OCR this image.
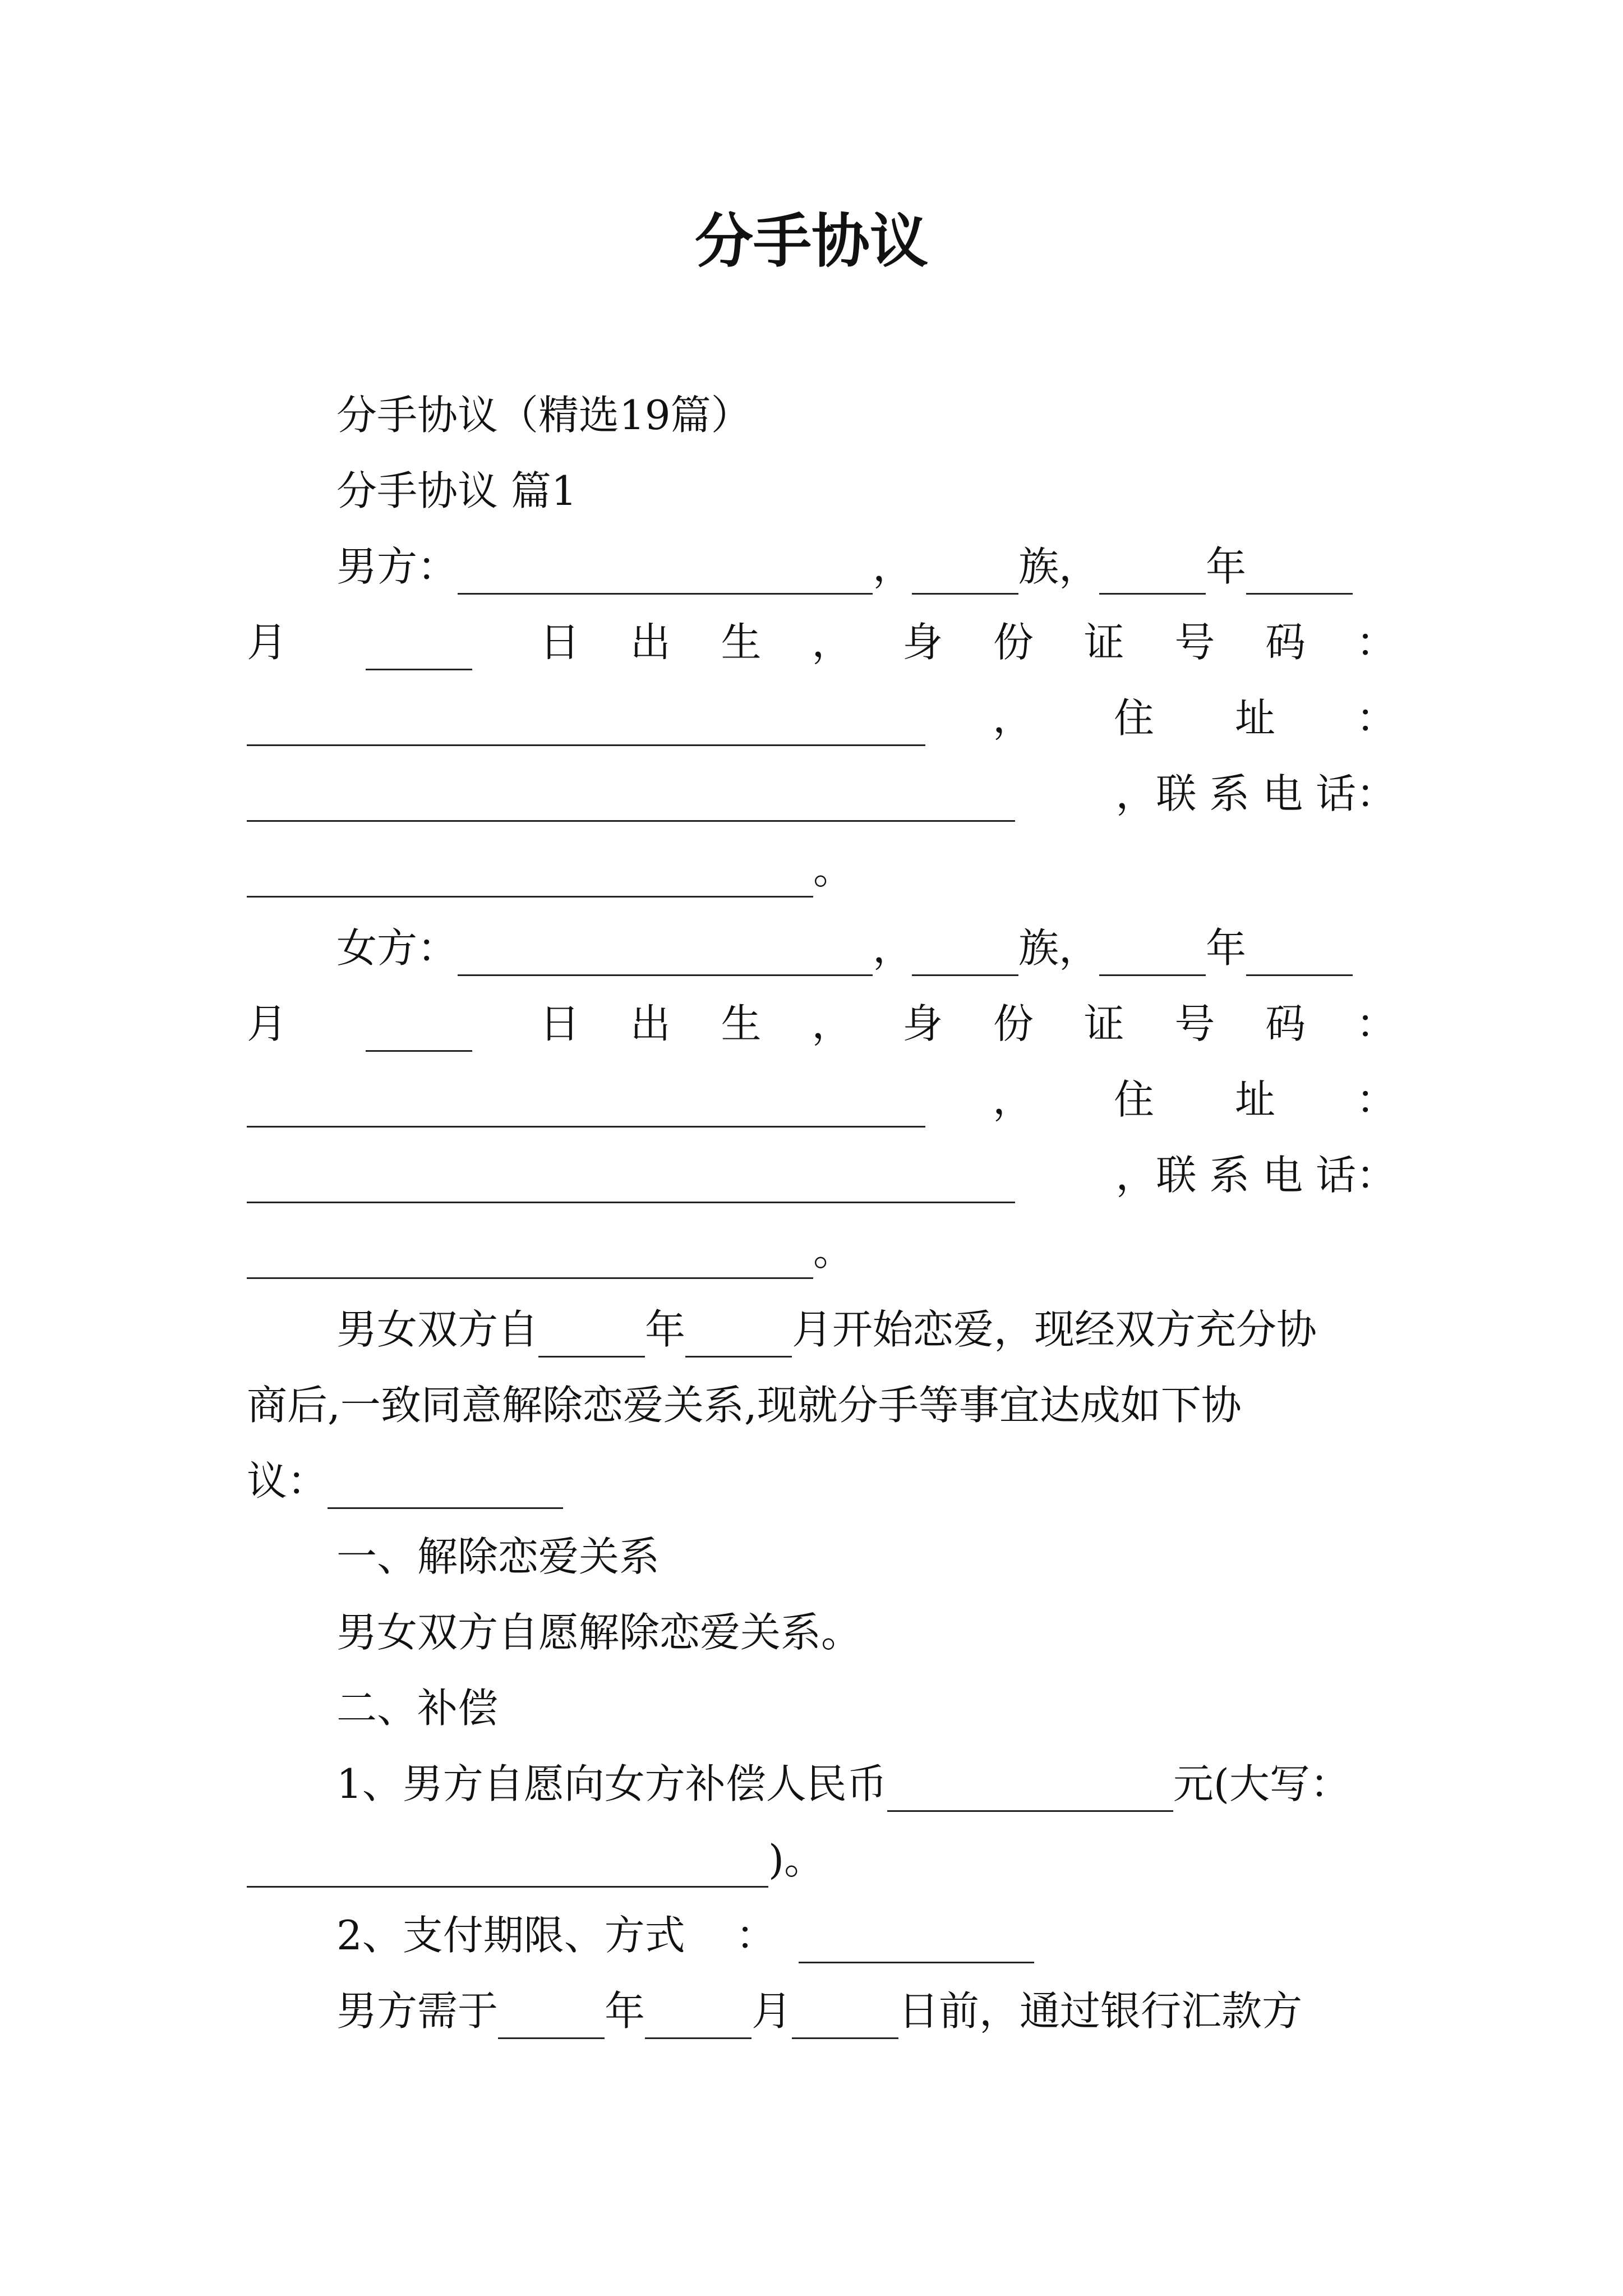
分手协议
分手协议（精选19篇）
分手协议 篇1
男方：	，	族，	年
月	日 出 生 ， 身 份 证 号 码 ：
， 住 址 ：
，联 系 电 话：
。
女方：	，	族，	年
月	日 出 生 ， 身 份 证 号 码 ：
， 住 址 ：
，联 系 电 话：
。
男女双方自	年	月开始恋爱，现经双方充分协
商后,一致同意解除恋爱关系,现就分手等事宜达成如下协
议：
一、解除恋爱关系
男女双方自愿解除恋爱关系。
二、补偿
1、男方自愿向女方补偿人民币	元(大写：
)。
2、支付期限、方式 ：
男方需于	年	月	日前，通过银行汇款方
